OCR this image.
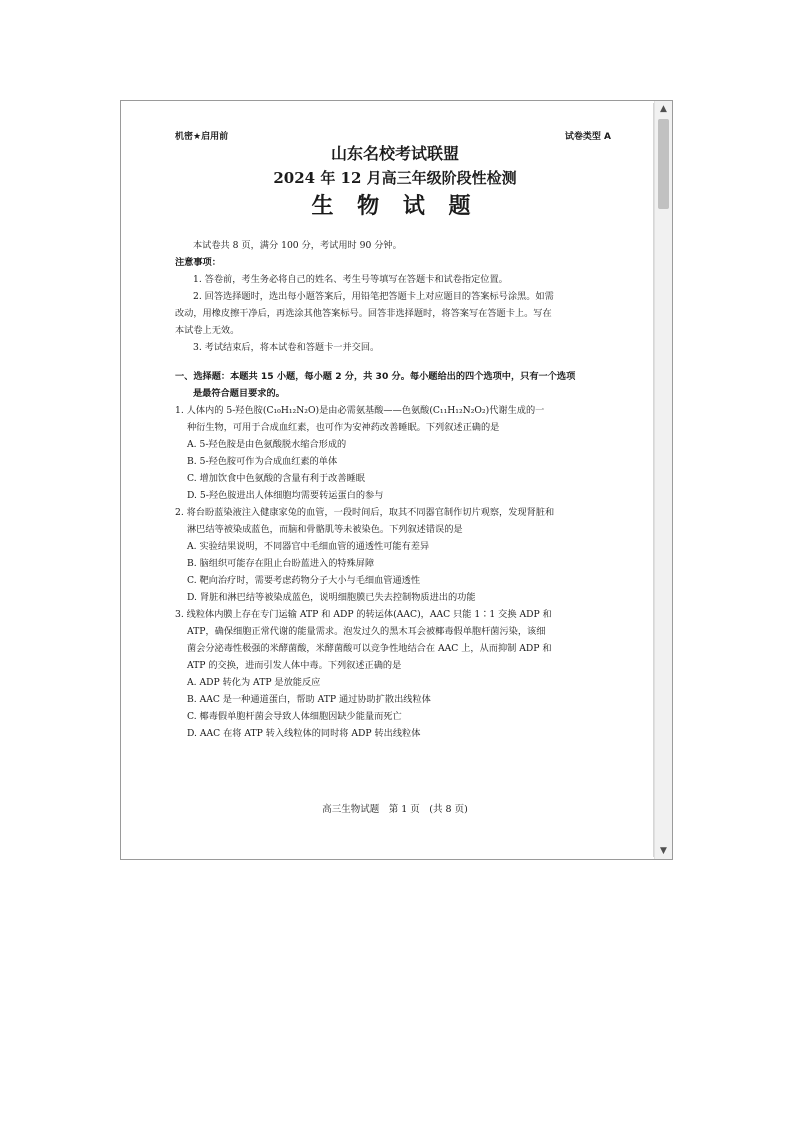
机密★启用前	试卷类型 A
山东名校考试联盟
2024 年 12 月高三年级阶段性检测
生 物 试 题
本试卷共 8 页，满分 100 分，考试用时 90 分钟。
注意事项：
1. 答卷前，考生务必将自己的姓名、考生号等填写在答题卡和试卷指定位置。
2. 回答选择题时，选出每小题答案后，用铅笔把答题卡上对应题目的答案标号涂黑。如需
改动，用橡皮擦干净后，再选涂其他答案标号。回答非选择题时，将答案写在答题卡上。写在
本试卷上无效。
3. 考试结束后，将本试卷和答题卡一并交回。
一、选择题：本题共 15 小题，每小题 2 分，共 30 分。每小题给出的四个选项中，只有一个选项
是最符合题目要求的。
1. 人体内的 5-羟色胺(C₁₀H₁₂N₂O)是由必需氨基酸——色氨酸(C₁₁H₁₂N₂O₂)代谢生成的一
种衍生物，可用于合成血红素，也可作为安神药改善睡眠。下列叙述正确的是
A. 5-羟色胺是由色氨酸脱水缩合形成的
B. 5-羟色胺可作为合成血红素的单体
C. 增加饮食中色氨酸的含量有利于改善睡眠
D. 5-羟色胺进出人体细胞均需要转运蛋白的参与
2. 将台盼蓝染液注入健康家兔的血管，一段时间后，取其不同器官制作切片观察，发现肾脏和
淋巴结等被染成蓝色，而脑和骨骼肌等未被染色。下列叙述错误的是
A. 实验结果说明，不同器官中毛细血管的通透性可能有差异
B. 脑组织可能存在阻止台盼蓝进入的特殊屏障
C. 靶向治疗时，需要考虑药物分子大小与毛细血管通透性
D. 肾脏和淋巴结等被染成蓝色，说明细胞膜已失去控制物质进出的功能
3. 线粒体内膜上存在专门运输 ATP 和 ADP 的转运体(AAC)，AAC 只能 1∶1 交换 ADP 和
ATP，确保细胞正常代谢的能量需求。泡发过久的黑木耳会被椰毒假单胞杆菌污染，该细
菌会分泌毒性极强的米酵菌酸，米酵菌酸可以竞争性地结合在 AAC 上，从而抑制 ADP 和
ATP 的交换，进而引发人体中毒。下列叙述正确的是
A. ADP 转化为 ATP 是放能反应
B. AAC 是一种通道蛋白，帮助 ATP 通过协助扩散出线粒体
C. 椰毒假单胞杆菌会导致人体细胞因缺少能量而死亡
D. AAC 在将 ATP 转入线粒体的同时将 ADP 转出线粒体
高三生物试题　第 1 页　(共 8 页)
▲
▼
